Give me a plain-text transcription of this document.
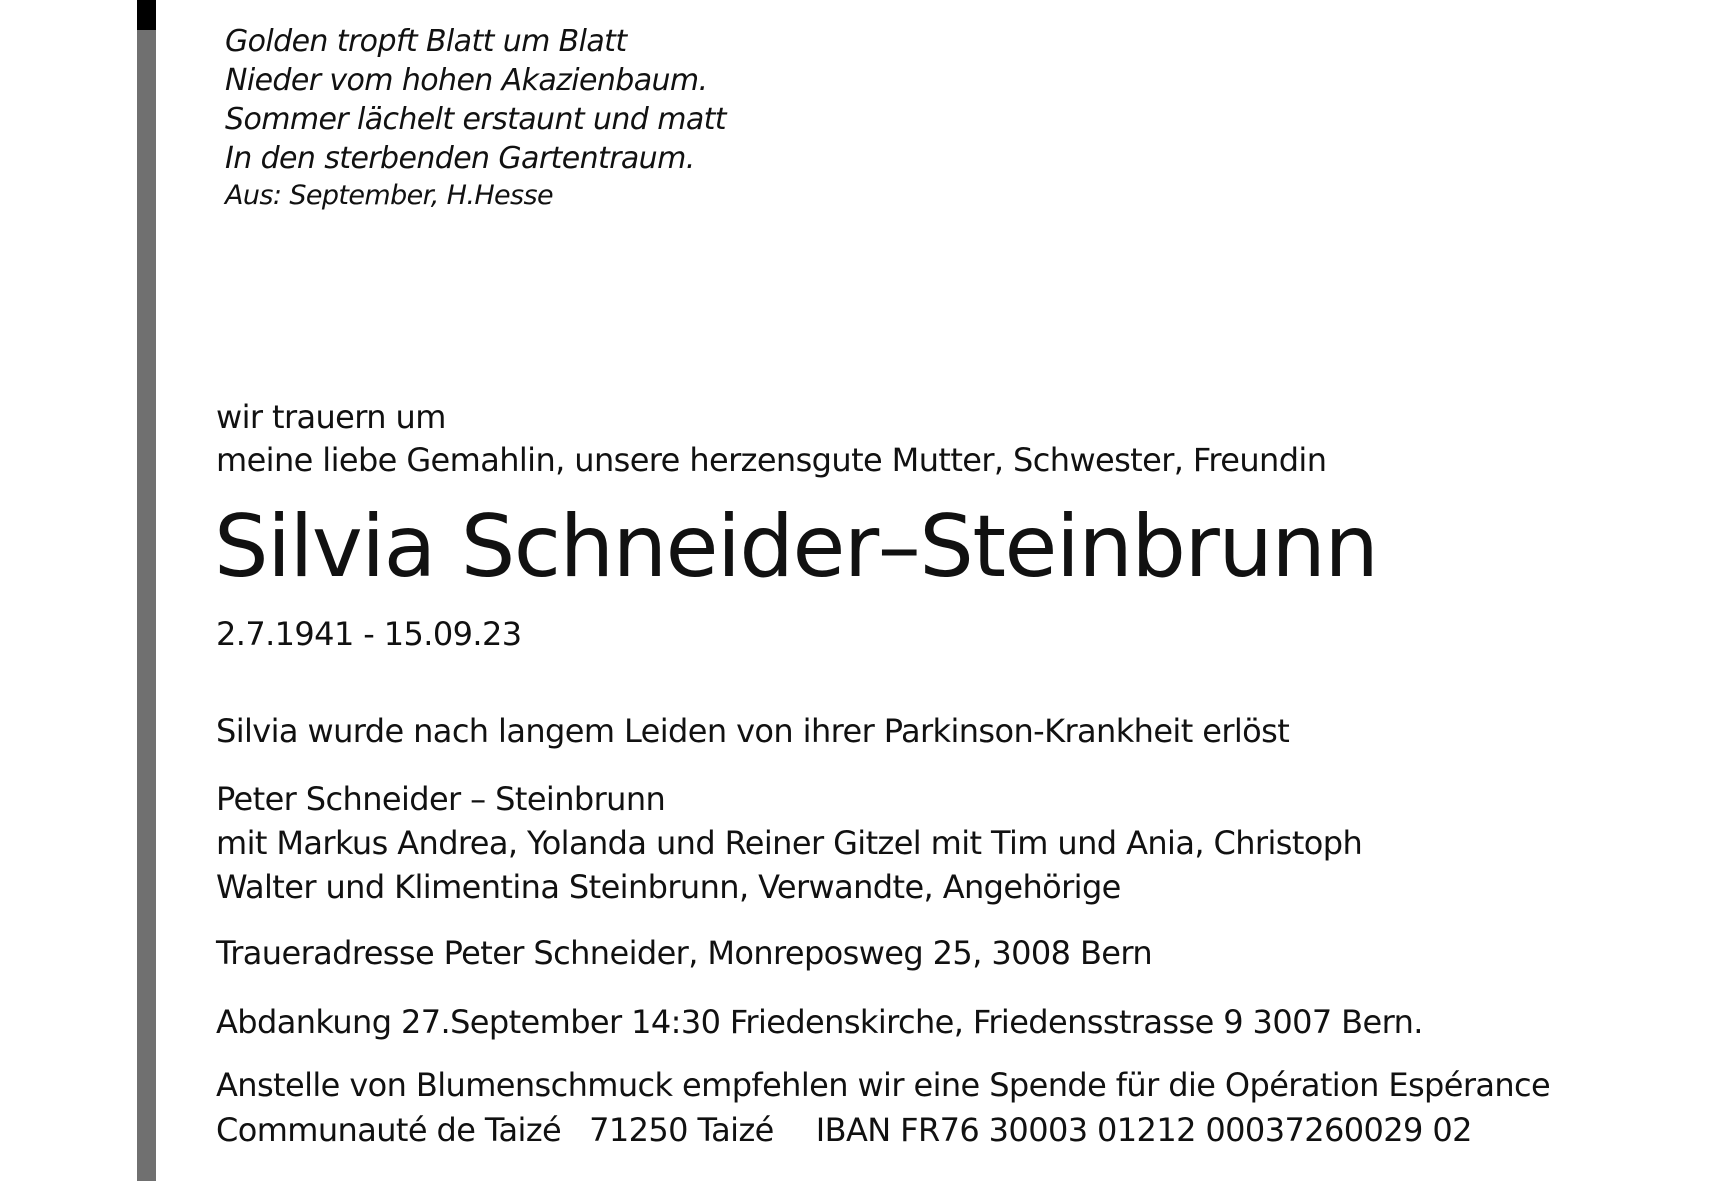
Golden tropft Blatt um Blatt
Nieder vom hohen Akazienbaum.
Sommer lächelt erstaunt und matt
In den sterbenden Gartentraum.
Aus: September, H.Hesse
wir trauern um
meine liebe Gemahlin, unsere herzensgute Mutter, Schwester, Freundin
Silvia Schneider–Steinbrunn
2.7.1941 - 15.09.23
Silvia wurde nach langem Leiden von ihrer Parkinson-Krankheit erlöst
Peter Schneider – Steinbrunn
mit Markus Andrea, Yolanda und Reiner Gitzel mit Tim und Ania, Christoph
Walter und Klimentina Steinbrunn, Verwandte, Angehörige
Traueradresse Peter Schneider, Monreposweg 25, 3008 Bern
Abdankung 27.September 14:30 Friedenskirche, Friedensstrasse 9 3007 Bern.
Anstelle von Blumenschmuck empfehlen wir eine Spende für die Opération Espérance
Communauté de Taizé 71250 Taizé IBAN FR76 30003 01212 00037260029 02
